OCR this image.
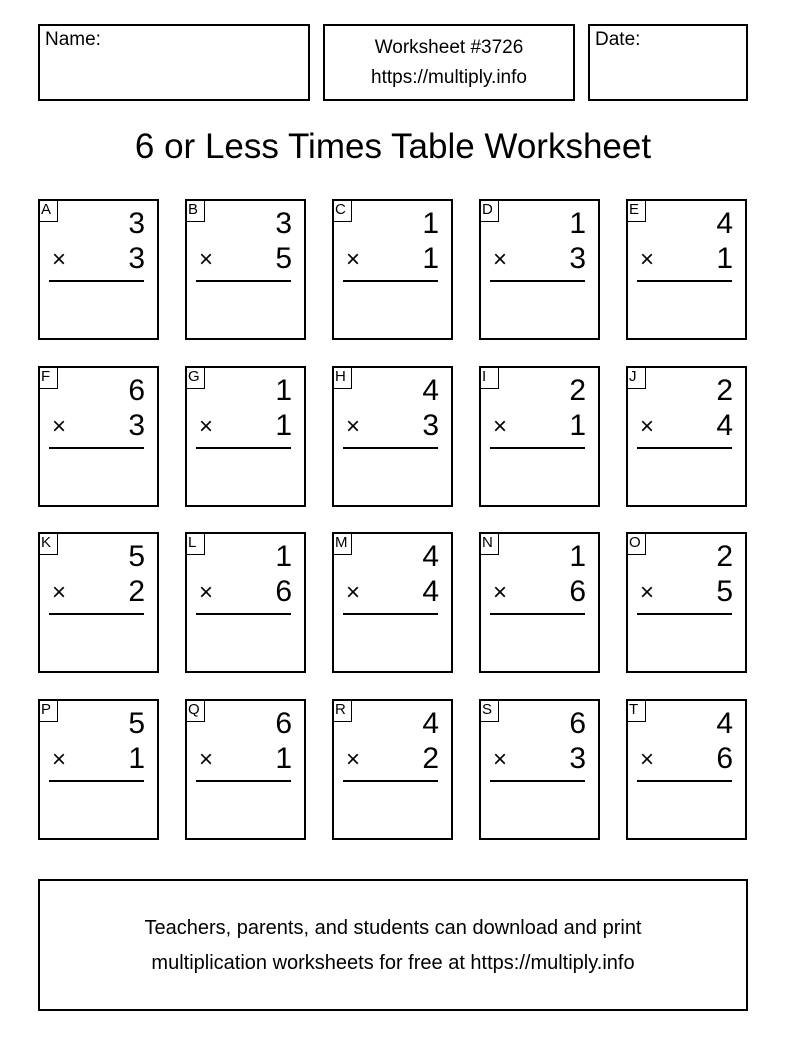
Name:	Worksheet #3726
https://multiply.info
Date:
6 or Less Times Table Worksheet
A	3
× 3
B	3
× 5
C	1
× 1
D	1
× 3
E	4
× 1
F	6
× 3
G	1
× 1
H	4
× 3
I	2
× 1
J	2
× 4
K	5
× 2
L	1
× 6
M 4
× 4
N	1
× 6
O	2
× 5
P	5
× 1
Q	6
× 1
R	4
× 2
S	6
× 3
T	4
× 6
Teachers, parents, and students can download and print
multiplication worksheets for free at https://multiply.info
